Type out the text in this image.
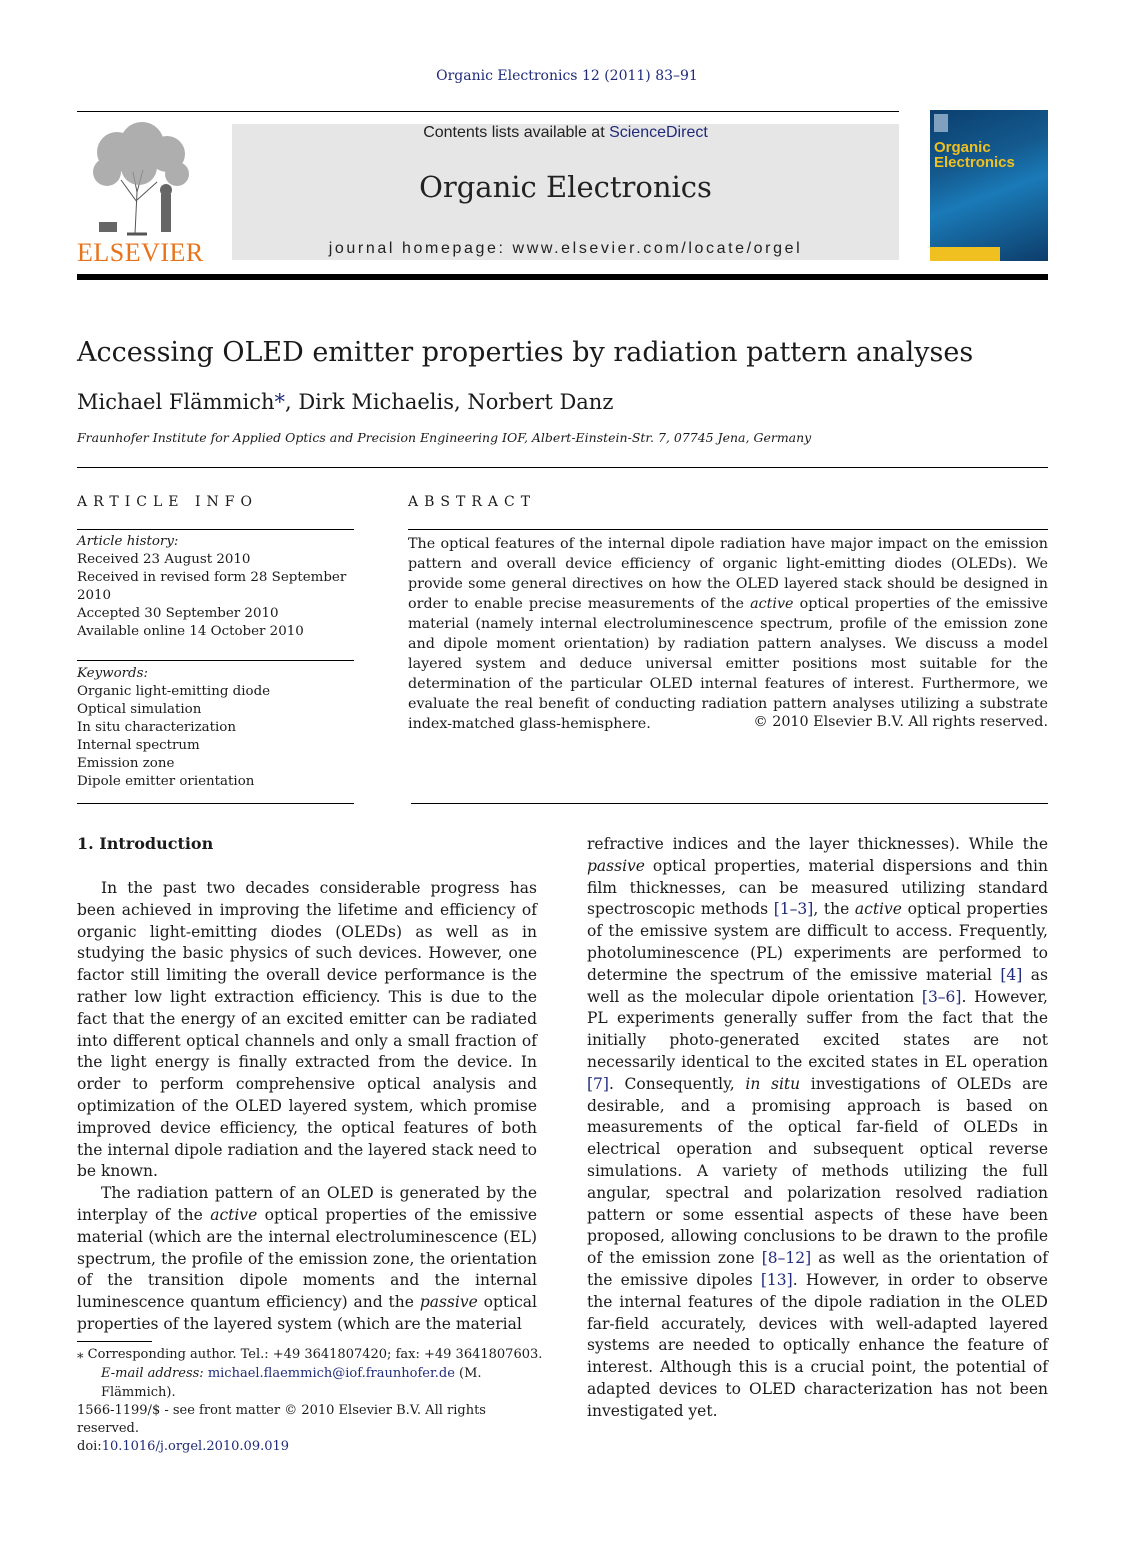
Organic Electronics 12 (2011) 83–91
ELSEVIER
Contents lists available at ScienceDirect
Organic Electronics
journal homepage: www.elsevier.com/locate/orgel
Organic Electronics
Accessing OLED emitter properties by radiation pattern analyses
Michael Flämmich*, Dirk Michaelis, Norbert Danz
Fraunhofer Institute for Applied Optics and Precision Engineering IOF, Albert-Einstein-Str. 7, 07745 Jena, Germany
ARTICLE INFO	ABSTRACT
Article history:
Received 23 August 2010
Received in revised form 28 September 2010
Accepted 30 September 2010
Available online 14 October 2010
Keywords:
Organic light-emitting diode
Optical simulation
In situ characterization
Internal spectrum
Emission zone
Dipole emitter orientation
The optical features of the internal dipole radiation have major impact on the emission pattern and overall device efficiency of organic light-emitting diodes (OLEDs). We provide some general directives on how the OLED layered stack should be designed in order to enable precise measurements of the active optical properties of the emissive material (namely internal electroluminescence spectrum, profile of the emission zone and dipole moment orientation) by radiation pattern analyses. We discuss a model layered system and deduce universal emitter positions most suitable for the determination of the particular OLED internal features of interest. Furthermore, we evaluate the real benefit of conducting radiation pattern analyses utilizing a substrate index-matched glass-hemisphere.	© 2010 Elsevier B.V. All rights reserved.
1. Introduction

In the past two decades considerable progress has been achieved in improving the lifetime and efficiency of organic light-emitting diodes (OLEDs) as well as in studying the basic physics of such devices. However, one factor still limiting the overall device performance is the rather low light extraction efficiency. This is due to the fact that the energy of an excited emitter can be radiated into different optical channels and only a small fraction of the light energy is finally extracted from the device. In order to perform comprehensive optical analysis and optimization of the OLED layered system, which promise improved device efficiency, the optical features of both the internal dipole radiation and the layered stack need to be known.

The radiation pattern of an OLED is generated by the interplay of the active optical properties of the emissive material (which are the internal electroluminescence (EL) spectrum, the profile of the emission zone, the orientation of the transition dipole moments and the internal luminescence quantum efficiency) and the passive optical properties of the layered system (which are the material

refractive indices and the layer thicknesses). While the passive optical properties, material dispersions and thin film thicknesses, can be measured utilizing standard spectroscopic methods [1–3], the active optical properties of the emissive system are difficult to access. Frequently, photoluminescence (PL) experiments are performed to determine the spectrum of the emissive material [4] as well as the molecular dipole orientation [3–6]. However, PL experiments generally suffer from the fact that the initially photo-generated excited states are not necessarily identical to the excited states in EL operation [7]. Consequently, in situ investigations of OLEDs are desirable, and a promising approach is based on measurements of the optical far-field of OLEDs in electrical operation and subsequent optical reverse simulations. A variety of methods utilizing the full angular, spectral and polarization resolved radiation pattern or some essential aspects of these have been proposed, allowing conclusions to be drawn to the profile of the emission zone [8–12] as well as the orientation of the emissive dipoles [13]. However, in order to observe the internal features of the dipole radiation in the OLED far-field accurately, devices with well-adapted layered systems are needed to optically enhance the feature of interest. Although this is a crucial point, the potential of adapted devices to OLED characterization has not been investigated yet.

⁎ Corresponding author. Tel.: +49 3641807420; fax: +49 3641807603.
E-mail address: michael.flaemmich@iof.fraunhofer.de (M. Flämmich).
1566-1199/$ - see front matter © 2010 Elsevier B.V. All rights reserved.
doi:10.1016/j.orgel.2010.09.019
